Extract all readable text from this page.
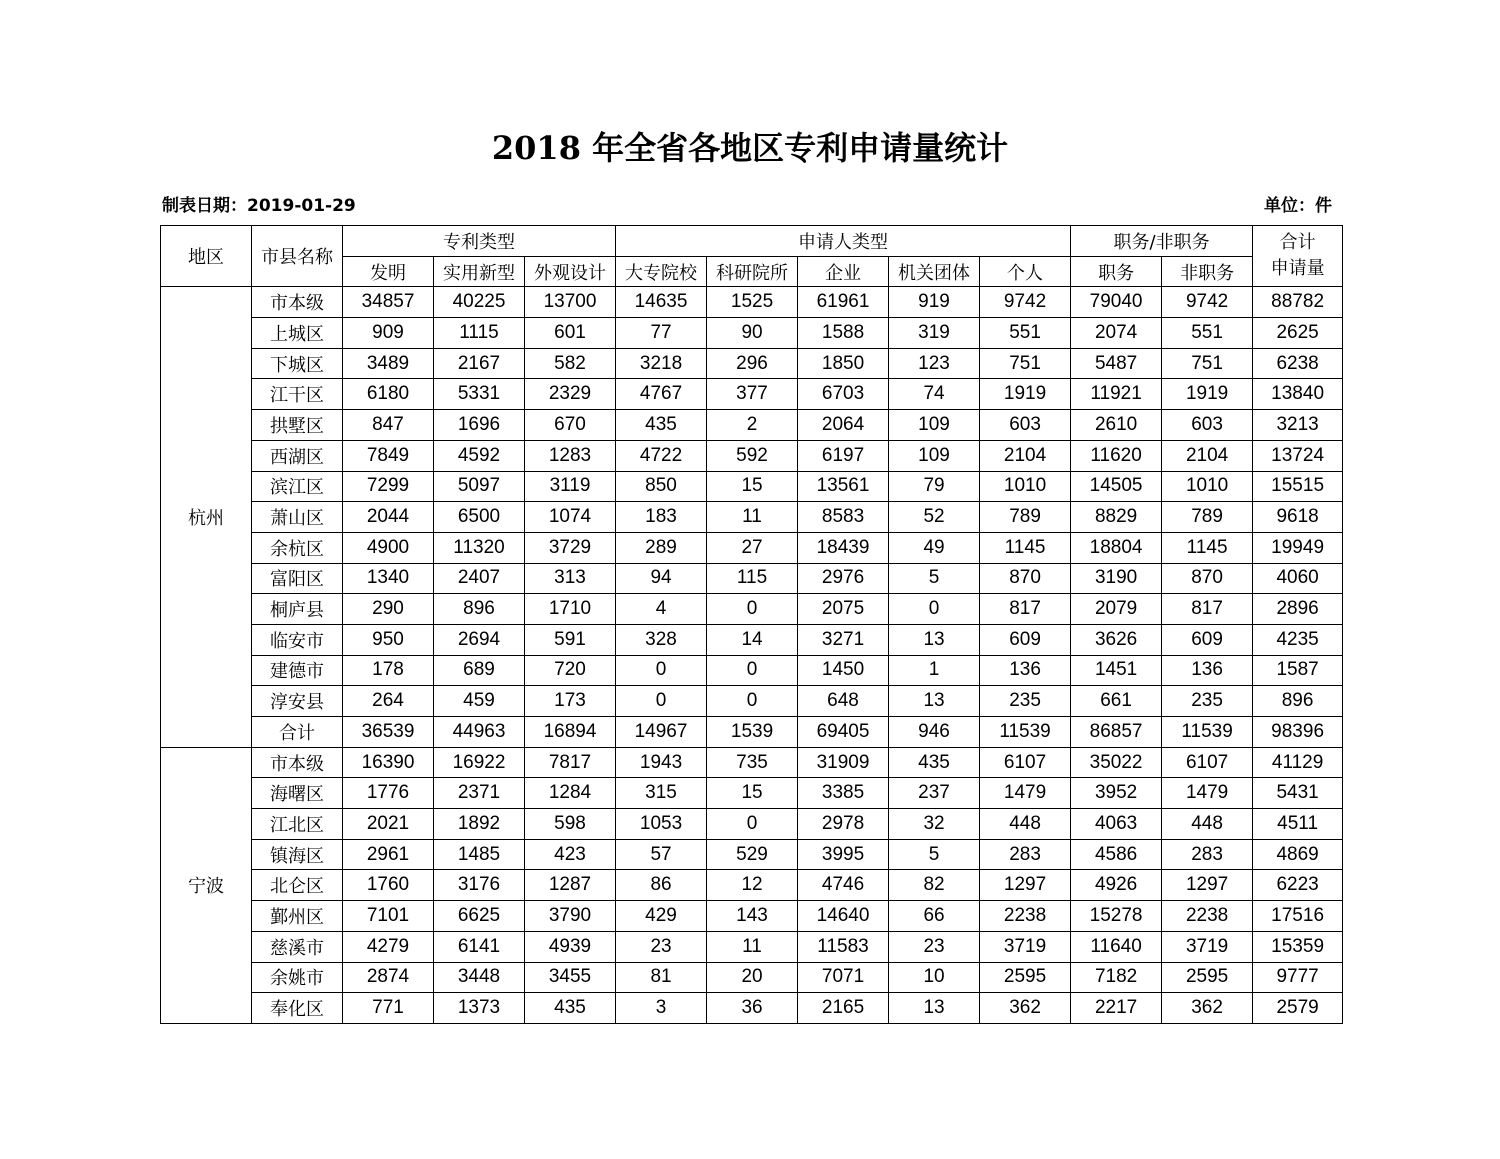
2018 年全省各地区专利申请量统计
制表日期：2019-01-29	单位：件
地区	市县名称	专利类型			申请人类型					职务/非职务		合计
申请量
		发明	实用新型	外观设计	大专院校	科研院所	企业	机关团体	个人	职务	非职务	
杭州	市本级	34857	40225	13700	14635	1525	61961	919	9742	79040	9742	88782
	上城区	909	1115	601	77	90	1588	319	551	2074	551	2625
	下城区	3489	2167	582	3218	296	1850	123	751	5487	751	6238
	江干区	6180	5331	2329	4767	377	6703	74	1919	11921	1919	13840
	拱墅区	847	1696	670	435	2	2064	109	603	2610	603	3213
	西湖区	7849	4592	1283	4722	592	6197	109	2104	11620	2104	13724
	滨江区	7299	5097	3119	850	15	13561	79	1010	14505	1010	15515
	萧山区	2044	6500	1074	183	11	8583	52	789	8829	789	9618
	余杭区	4900	11320	3729	289	27	18439	49	1145	18804	1145	19949
	富阳区	1340	2407	313	94	115	2976	5	870	3190	870	4060
	桐庐县	290	896	1710	4	0	2075	0	817	2079	817	2896
	临安市	950	2694	591	328	14	3271	13	609	3626	609	4235
	建德市	178	689	720	0	0	1450	1	136	1451	136	1587
	淳安县	264	459	173	0	0	648	13	235	661	235	896
	合计	36539	44963	16894	14967	1539	69405	946	11539	86857	11539	98396
宁波	市本级	16390	16922	7817	1943	735	31909	435	6107	35022	6107	41129
	海曙区	1776	2371	1284	315	15	3385	237	1479	3952	1479	5431
	江北区	2021	1892	598	1053	0	2978	32	448	4063	448	4511
	镇海区	2961	1485	423	57	529	3995	5	283	4586	283	4869
	北仑区	1760	3176	1287	86	12	4746	82	1297	4926	1297	6223
	鄞州区	7101	6625	3790	429	143	14640	66	2238	15278	2238	17516
	慈溪市	4279	6141	4939	23	11	11583	23	3719	11640	3719	15359
	余姚市	2874	3448	3455	81	20	7071	10	2595	7182	2595	9777
	奉化区	771	1373	435	3	36	2165	13	362	2217	362	2579
